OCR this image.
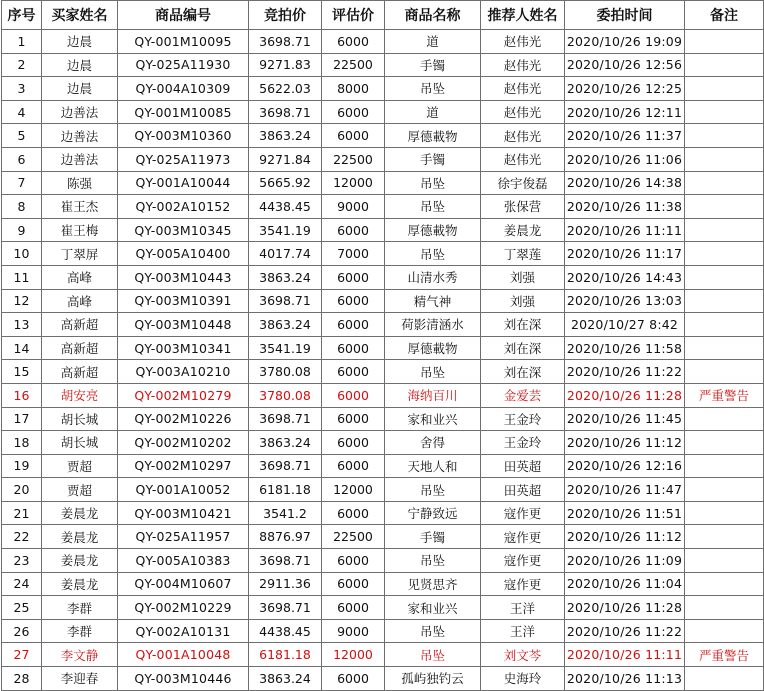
序号	买家姓名	商品编号	竞拍价	评估价	商品名称	推荐人姓名	委拍时间	备注
1	边晨	QY-001M10095	3698.71	6000	道	赵伟光	2020/10/26 19:09	
2	边晨	QY-025A11930	9271.83	22500	手镯	赵伟光	2020/10/26 12:56	
3	边晨	QY-004A10309	5622.03	8000	吊坠	赵伟光	2020/10/26 12:25	
4	边善法	QY-001M10085	3698.71	6000	道	赵伟光	2020/10/26 12:11	
5	边善法	QY-003M10360	3863.24	6000	厚德載物	赵伟光	2020/10/26 11:37	
6	边善法	QY-025A11973	9271.84	22500	手镯	赵伟光	2020/10/26 11:06	
7	陈强	QY-001A10044	5665.92	12000	吊坠	徐宇俊磊	2020/10/26 14:38	
8	崔王杰	QY-002A10152	4438.45	9000	吊坠	张保营	2020/10/26 11:38	
9	崔王梅	QY-003M10345	3541.19	6000	厚德載物	姜晨龙	2020/10/26 11:11	
10	丁翠屏	QY-005A10400	4017.74	7000	吊坠	丁翠莲	2020/10/26 11:17	
11	高峰	QY-003M10443	3863.24	6000	山清水秀	刘强	2020/10/26 14:43	
12	高峰	QY-003M10391	3698.71	6000	精气神	刘强	2020/10/26 13:03	
13	高新超	QY-003M10448	3863.24	6000	荷影清涵水	刘在深	2020/10/27 8:42	
14	高新超	QY-003M10341	3541.19	6000	厚德載物	刘在深	2020/10/26 11:58	
15	高新超	QY-003A10210	3780.08	6000	吊坠	刘在深	2020/10/26 11:22	
16	胡安亮	QY-002M10279	3780.08	6000	海纳百川	金爱芸	2020/10/26 11:28	严重警告
17	胡长城	QY-002M10226	3698.71	6000	家和业兴	王金玲	2020/10/26 11:45	
18	胡长城	QY-002M10202	3863.24	6000	舍得	王金玲	2020/10/26 11:12	
19	贾超	QY-002M10297	3698.71	6000	天地人和	田英超	2020/10/26 12:16	
20	贾超	QY-001A10052	6181.18	12000	吊坠	田英超	2020/10/26 11:47	
21	姜晨龙	QY-003M10421	3541.2	6000	宁静致远	寇作更	2020/10/26 11:51	
22	姜晨龙	QY-025A11957	8876.97	22500	手镯	寇作更	2020/10/26 11:12	
23	姜晨龙	QY-005A10383	3698.71	6000	吊坠	寇作更	2020/10/26 11:09	
24	姜晨龙	QY-004M10607	2911.36	6000	见贤思齐	寇作更	2020/10/26 11:04	
25	李群	QY-002M10229	3698.71	6000	家和业兴	王洋	2020/10/26 11:28	
26	李群	QY-002A10131	4438.45	9000	吊坠	王洋	2020/10/26 11:22	
27	李文静	QY-001A10048	6181.18	12000	吊坠	刘文芩	2020/10/26 11:11	严重警告
28	李迎春	QY-003M10446	3863.24	6000	孤屿独钓云	史海玲	2020/10/26 11:13	
